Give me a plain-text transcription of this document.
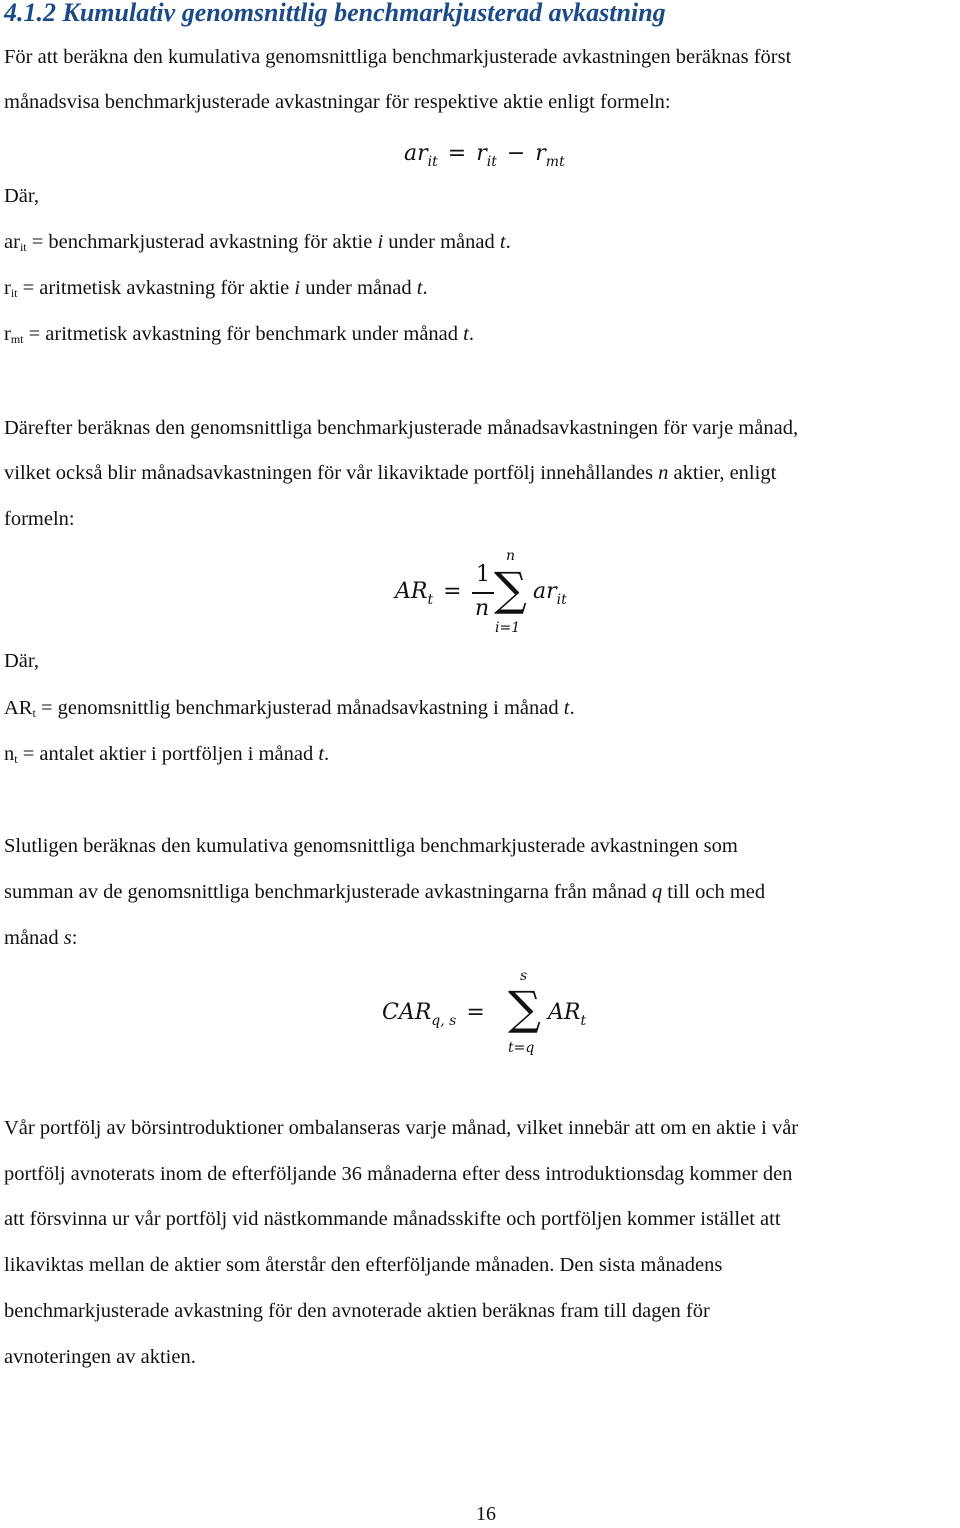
4.1.2 Kumulativ genomsnittlig benchmarkjusterad avkastning
För att beräkna den kumulativa genomsnittliga benchmarkjusterade avkastningen beräknas först
månadsvisa benchmarkjusterade avkastningar för respektive aktie enligt formeln:
$ar_{it} = r_{it} - r_{mt}$
Där,
$ar_{it}$ = benchmarkjusterad avkastning för aktie i under månad t.
$r_{it}$ = aritmetisk avkastning för aktie i under månad t.
$r_{mt}$ = aritmetisk avkastning för benchmark under månad t.
Därefter beräknas den genomsnittliga benchmarkjusterade månadsavkastningen för varje månad,
vilket också blir månadsavkastningen för vår likaviktade portfölj innehållandes n aktier, enligt
formeln:
$AR_t$ =
1
n
n
∑
i=1
$ar_{it}$
Där,
$AR_t$ = genomsnittlig benchmarkjusterad månadsavkastning i månad t.
$n_t$ = antalet aktier i portföljen i månad t.
Slutligen beräknas den kumulativa genomsnittliga benchmarkjusterade avkastningen som
summan av de genomsnittliga benchmarkjusterade avkastningarna från månad q till och med
månad s:
$CAR_{q, s}$ =
s
∑
t=q
$AR_t$
Vår portfölj av börsintroduktioner ombalanseras varje månad, vilket innebär att om en aktie i vår
portfölj avnoterats inom de efterföljande 36 månaderna efter dess introduktionsdag kommer den
att försvinna ur vår portfölj vid nästkommande månadsskifte och portföljen kommer istället att
likaviktas mellan de aktier som återstår den efterföljande månaden. Den sista månadens
benchmarkjusterade avkastning för den avnoterade aktien beräknas fram till dagen för
avnoteringen av aktien.
16
